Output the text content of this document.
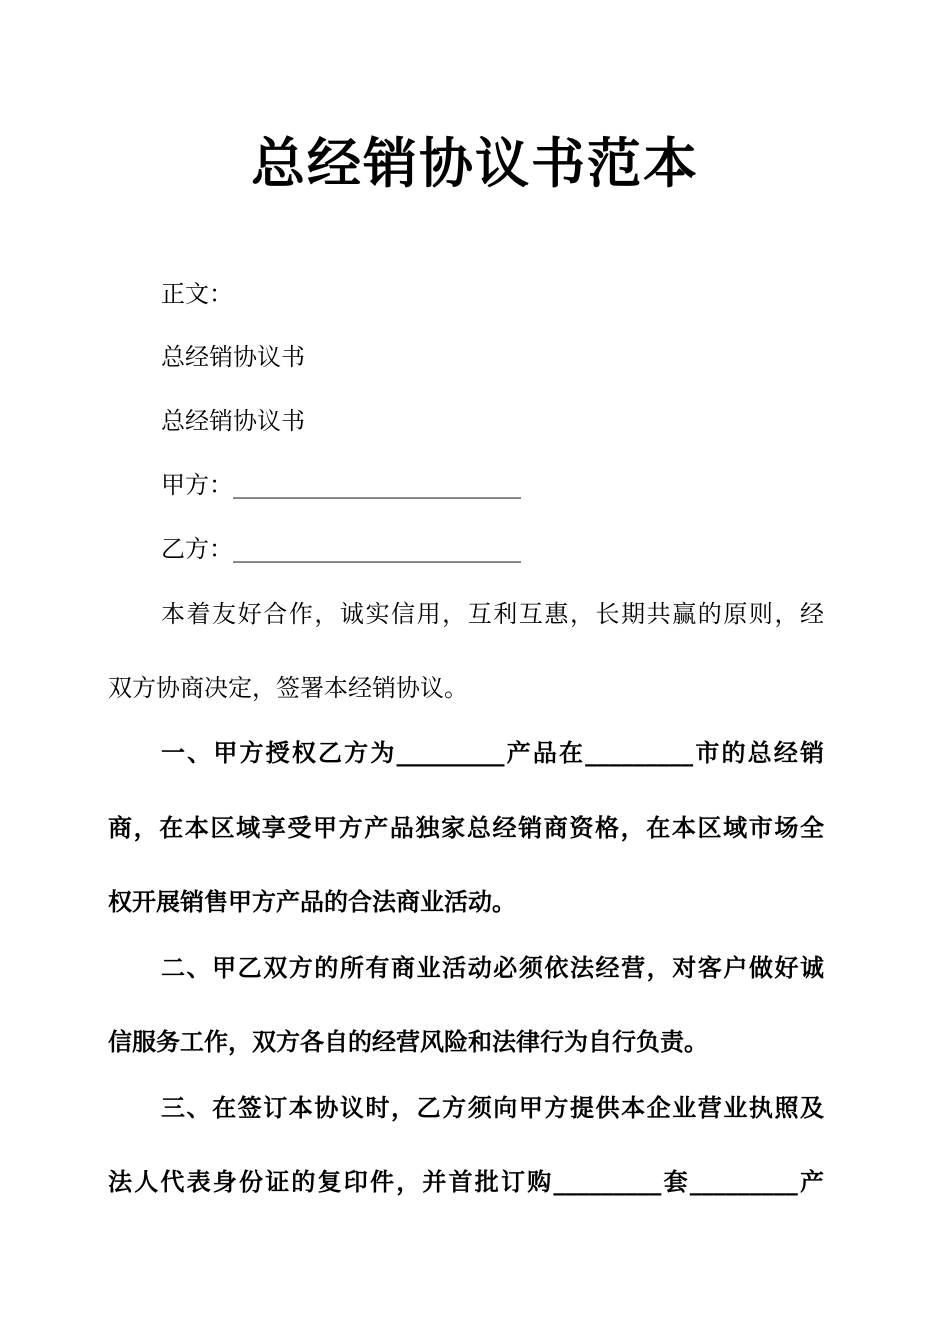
总经销协议书范本
正文：
总经销协议书
总经销协议书
甲方：________________________
乙方：________________________
本着友好合作，诚实信用，互利互惠，长期共赢的原则，经
双方协商决定，签署本经销协议。
一、甲方授权乙方为_________产品在_________市的总经销
商，在本区域享受甲方产品独家总经销商资格，在本区域市场全
权开展销售甲方产品的合法商业活动。
二、甲乙双方的所有商业活动必须依法经营，对客户做好诚
信服务工作，双方各自的经营风险和法律行为自行负责。
三、在签订本协议时，乙方须向甲方提供本企业营业执照及
法人代表身份证的复印件，并首批订购_________套_________产
